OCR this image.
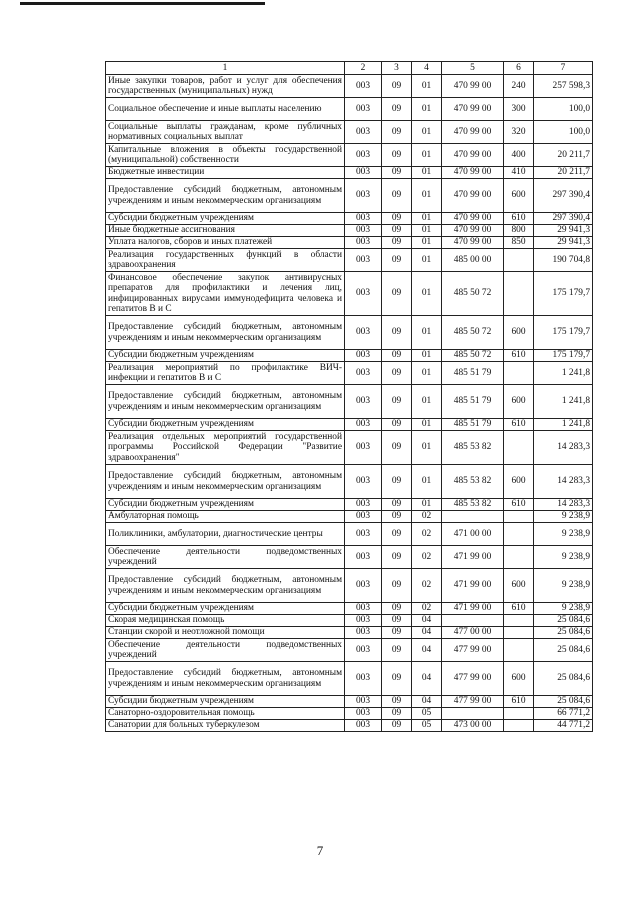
1	2	3	4	5	6	7
Иные закупки товаров, работ и услуг для обеспечения государственных (муниципальных) нужд	003	09	01	470 99 00	240	257 598,3
Социальное обеспечение и иные выплаты населению	003	09	01	470 99 00	300	100,0
Социальные выплаты гражданам, кроме публичных нормативных социальных выплат	003	09	01	470 99 00	320	100,0
Капитальные вложения в объекты государственной (муниципальной) собственности	003	09	01	470 99 00	400	20 211,7
Бюджетные инвестиции	003	09	01	470 99 00	410	20 211,7
Предоставление субсидий бюджетным, автономным учреждениям и иным некоммерческим организациям	003	09	01	470 99 00	600	297 390,4
Субсидии бюджетным учреждениям	003	09	01	470 99 00	610	297 390,4
Иные бюджетные ассигнования	003	09	01	470 99 00	800	29 941,3
Уплата налогов, сборов и иных платежей	003	09	01	470 99 00	850	29 941,3
Реализация государственных функций в области здравоохранения	003	09	01	485 00 00		190 704,8
Финансовое обеспечение закупок антивирусных препаратов для профилактики и лечения лиц, инфицированных вирусами иммунодефицита человека и гепатитов В и С	003	09	01	485 50 72		175 179,7
Предоставление субсидий бюджетным, автономным учреждениям и иным некоммерческим организациям	003	09	01	485 50 72	600	175 179,7
Субсидии бюджетным учреждениям	003	09	01	485 50 72	610	175 179,7
Реализация мероприятий по профилактике ВИЧ-инфекции и гепатитов В и С	003	09	01	485 51 79		1 241,8
Предоставление субсидий бюджетным, автономным учреждениям и иным некоммерческим организациям	003	09	01	485 51 79	600	1 241,8
Субсидии бюджетным учреждениям	003	09	01	485 51 79	610	1 241,8
Реализация отдельных мероприятий государственной программы Российской Федерации "Развитие здравоохранения"	003	09	01	485 53 82		14 283,3
Предоставление субсидий бюджетным, автономным учреждениям и иным некоммерческим организациям	003	09	01	485 53 82	600	14 283,3
Субсидии бюджетным учреждениям	003	09	01	485 53 82	610	14 283,3
Амбулаторная помощь	003	09	02			9 238,9
Поликлиники, амбулатории, диагностические центры	003	09	02	471 00 00		9 238,9
Обеспечение деятельности подведомственных учреждений	003	09	02	471 99 00		9 238,9
Предоставление субсидий бюджетным, автономным учреждениям и иным некоммерческим организациям	003	09	02	471 99 00	600	9 238,9
Субсидии бюджетным учреждениям	003	09	02	471 99 00	610	9 238,9
Скорая медицинская помощь	003	09	04			25 084,6
Станции скорой и неотложной помощи	003	09	04	477 00 00		25 084,6
Обеспечение деятельности подведомственных учреждений	003	09	04	477 99 00		25 084,6
Предоставление субсидий бюджетным, автономным учреждениям и иным некоммерческим организациям	003	09	04	477 99 00	600	25 084,6
Субсидии бюджетным учреждениям	003	09	04	477 99 00	610	25 084,6
Санаторно-оздоровительная помощь	003	09	05			66 771,2
Санатории для больных туберкулезом	003	09	05	473 00 00		44 771,2
7
